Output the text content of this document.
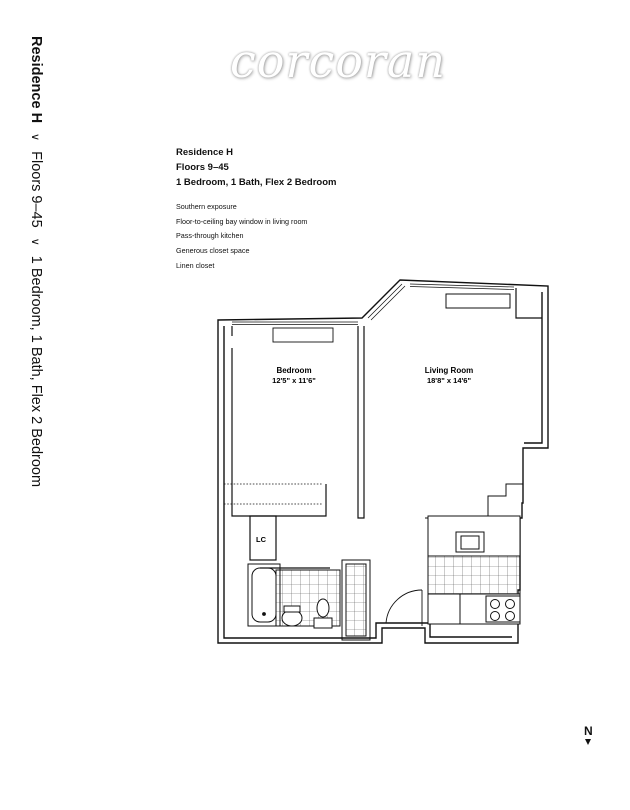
Residence H∨Floors 9–45∨1 Bedroom, 1 Bath, Flex 2 Bedroom
corcoran
Residence H
Floors 9–45
1 Bedroom, 1 Bath, Flex 2 Bedroom
Southern exposure
Floor-to-ceiling bay window in living room
Pass-through kitchen
Generous closet space
Linen closet
LC
Bedroom
12'5" x 11'6"
Living Room
18'8" x 14'6"
N
